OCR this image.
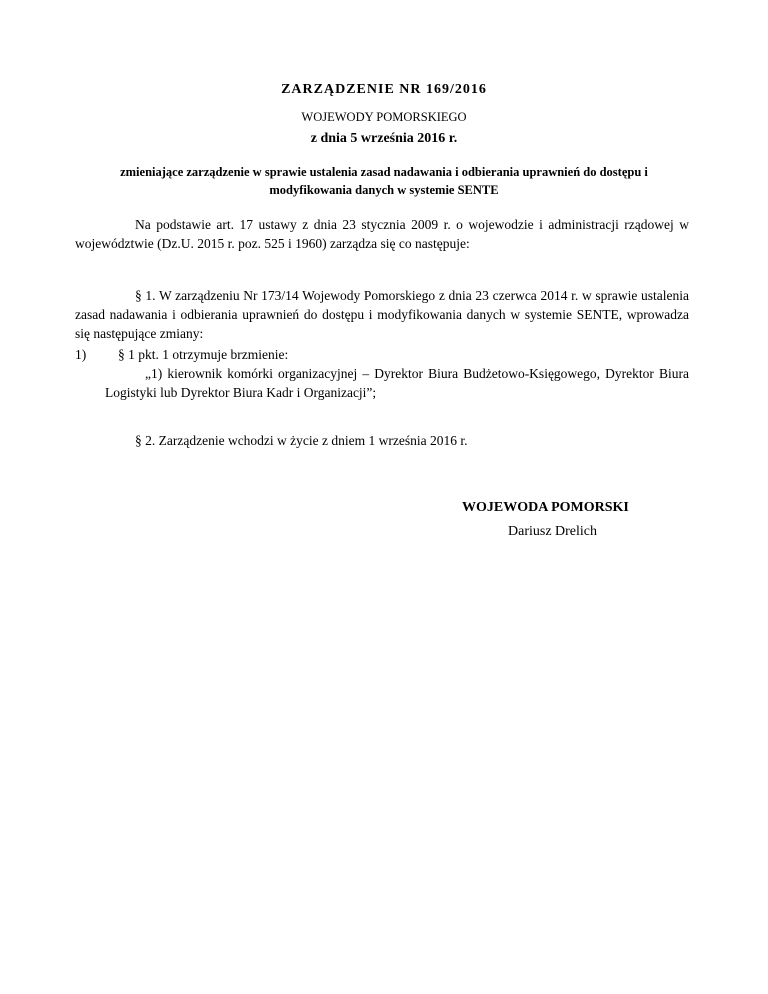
ZARZĄDZENIE NR 169/2016
WOJEWODY POMORSKIEGO
z dnia 5 września 2016 r.
zmieniające zarządzenie w sprawie ustalenia zasad nadawania i odbierania uprawnień do dostępu i modyfikowania danych w systemie SENTE
Na podstawie art. 17 ustawy z dnia 23 stycznia 2009 r. o wojewodzie i administracji rządowej w województwie (Dz.U. 2015 r. poz. 525 i 1960) zarządza się co następuje:
§ 1. W zarządzeniu Nr 173/14 Wojewody Pomorskiego z dnia 23 czerwca 2014 r. w sprawie ustalenia zasad nadawania i odbierania uprawnień do dostępu i modyfikowania danych w systemie SENTE, wprowadza się następujące zmiany:
1) § 1 pkt. 1 otrzymuje brzmienie:
„1) kierownik komórki organizacyjnej – Dyrektor Biura Budżetowo-Księgowego, Dyrektor Biura Logistyki lub Dyrektor Biura Kadr i Organizacji”;
§ 2. Zarządzenie wchodzi w życie z dniem 1 września 2016 r.
WOJEWODA POMORSKI
Dariusz Drelich
